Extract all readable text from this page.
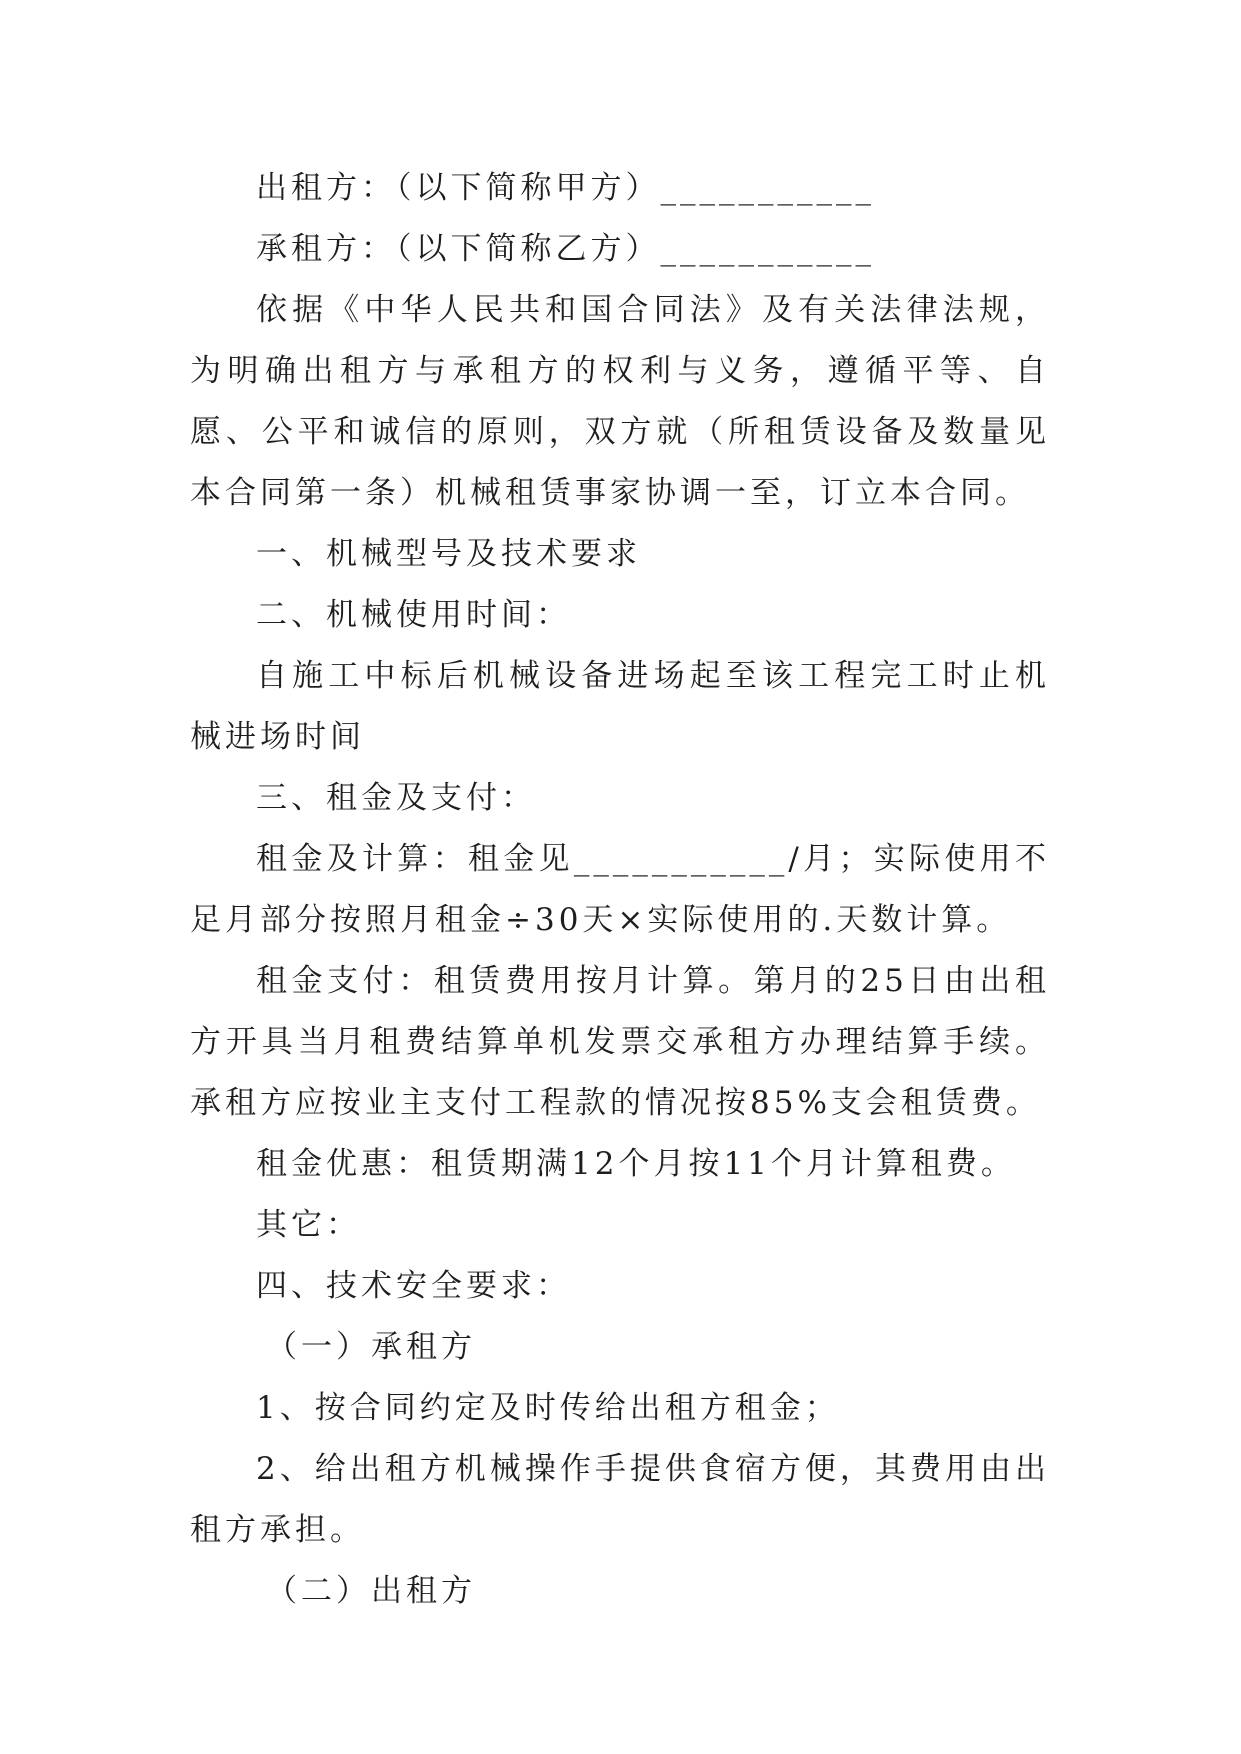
出租方：（以下简称甲方）___________

承租方：（以下简称乙方）___________

依据《中华人民共和国合同法》及有关法律法规，为明确出租方与承租方的权利与义务，遵循平等、自愿、公平和诚信的原则，双方就（所租赁设备及数量见本合同第一条）机械租赁事家协调一至，订立本合同。

一、机械型号及技术要求

二、机械使用时间：

自施工中标后机械设备进场起至该工程完工时止机械进场时间

三、租金及支付：

租金及计算：租金见___________/月；实际使用不足月部分按照月租金÷30天×实际使用的.天数计算。

租金支付：租赁费用按月计算。第月的25日由出租方开具当月租费结算单机发票交承租方办理结算手续。承租方应按业主支付工程款的情况按85%支会租赁费。

租金优惠：租赁期满12个月按11个月计算租费。

其它：

四、技术安全要求：

（一）承租方

1、按合同约定及时传给出租方租金；

2、给出租方机械操作手提供食宿方便，其费用由出租方承担。

（二）出租方
